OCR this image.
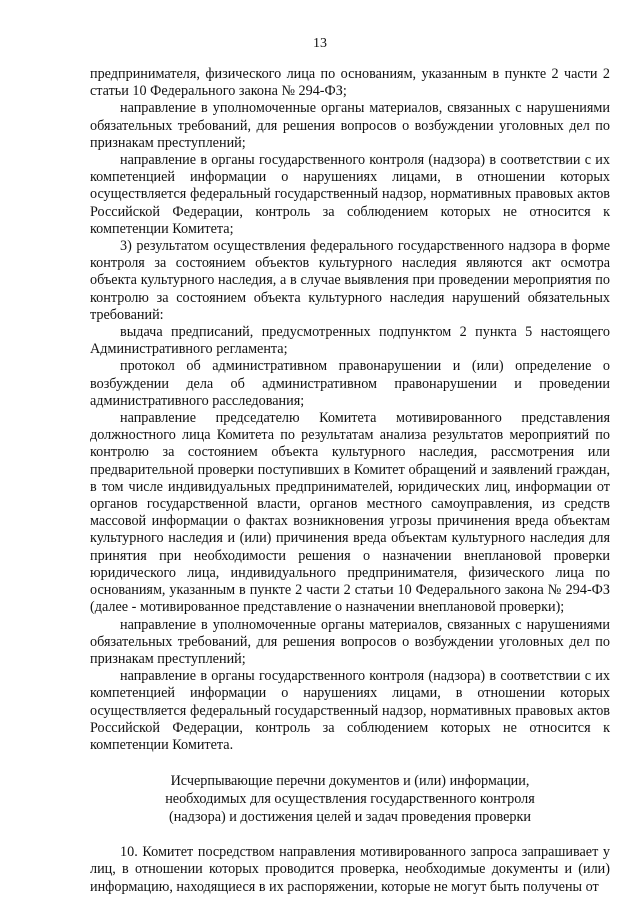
13

предпринимателя, физического лица по основаниям, указанным в пункте 2 части 2 статьи 10 Федерального закона № 294-ФЗ;

направление в уполномоченные органы материалов, связанных с нарушениями обязательных требований, для решения вопросов о возбуждении уголовных дел по признакам преступлений;

направление в органы государственного контроля (надзора) в соответствии с их компетенцией информации о нарушениях лицами, в отношении которых осуществляется федеральный государственный надзор, нормативных правовых актов Российской Федерации, контроль за соблюдением которых не относится к компетенции Комитета;

3) результатом осуществления федерального государственного надзора в форме контроля за состоянием объектов культурного наследия являются акт осмотра объекта культурного наследия, а в случае выявления при проведении мероприятия по контролю за состоянием объекта культурного наследия нарушений обязательных требований:

выдача предписаний, предусмотренных подпунктом 2 пункта 5 настоящего Административного регламента;

протокол об административном правонарушении и (или) определение о возбуждении дела об административном правонарушении и проведении административного расследования;

направление председателю Комитета мотивированного представления должностного лица Комитета по результатам анализа результатов мероприятий по контролю за состоянием объекта культурного наследия, рассмотрения или предварительной проверки поступивших в Комитет обращений и заявлений граждан, в том числе индивидуальных предпринимателей, юридических лиц, информации от органов государственной власти, органов местного самоуправления, из средств массовой информации о фактах возникновения угрозы причинения вреда объектам культурного наследия и (или) причинения вреда объектам культурного наследия для принятия при необходимости решения о назначении внеплановой проверки юридического лица, индивидуального предпринимателя, физического лица по основаниям, указанным в пункте 2 части 2 статьи 10 Федерального закона № 294-ФЗ (далее - мотивированное представление о назначении внеплановой проверки);

направление в уполномоченные органы материалов, связанных с нарушениями обязательных требований, для решения вопросов о возбуждении уголовных дел по признакам преступлений;

направление в органы государственного контроля (надзора) в соответствии с их компетенцией информации о нарушениях лицами, в отношении которых осуществляется федеральный государственный надзор, нормативных правовых актов Российской Федерации, контроль за соблюдением которых не относится к компетенции Комитета.

Исчерпывающие перечни документов и (или) информации,
необходимых для осуществления государственного контроля
(надзора) и достижения целей и задач проведения проверки

10. Комитет посредством направления мотивированного запроса запрашивает у лиц, в отношении которых проводится проверка, необходимые документы и (или) информацию, находящиеся в их распоряжении, которые не могут быть получены от
